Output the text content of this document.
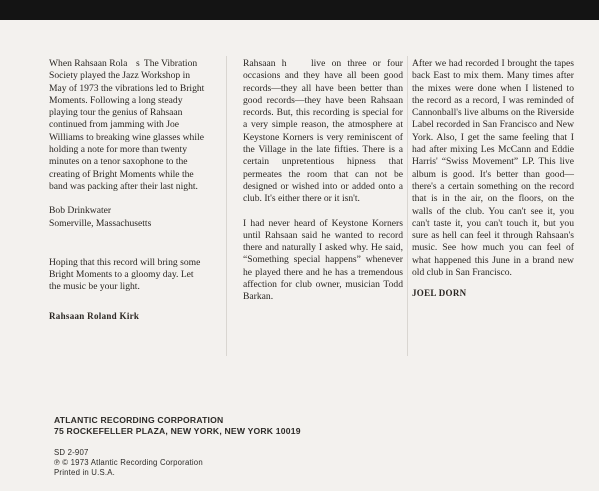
When Rahsaan Rola    s  The Vibration Society played the Jazz Workshop in May of 1973 the vibrations led to Bright Moments. Following a long steady playing tour the genius of Rahsaan continued from jamming with Joe Williams to breaking wine glasses while holding a note for more than twenty minutes on a tenor saxophone to the creating of Bright Moments while the band was packing after their last night.

Bob Drinkwater

Somerville, Massachusetts

Hoping that this record will bring some Bright Moments to a gloomy day. Let the music be your light.

Rahsaan Roland Kirk

Rahsaan h      live on three or four occasions and they have all been good records—they all have been better than good records—they have been Rahsaan records. But, this recording is special for a very simple reason, the atmosphere at Keystone Korners is very reminiscent of the Village in the late fifties. There is a certain unpretentious hipness that permeates the room that can not be designed or wished into or added onto a club. It's either there or it isn't.

I had never heard of Keystone Korners until Rahsaan said he wanted to record there and naturally I asked why. He said, “Something special happens” whenever he played there and he has a tremendous affection for club owner, musician Todd Barkan.

After we had recorded I brought the tapes back East to mix them. Many times after the mixes were done when I listened to the record as a record, I was reminded of Cannonball's live albums on the Riverside Label recorded in San Francisco and New York. Also, I get the same feeling that I had after mixing Les McCann and Eddie Harris' “Swiss Movement” LP. This live album is good. It's better than good—there's a certain something on the record that is in the air, on the floors, on the walls of the club. You can't see it, you can't taste it, you can't touch it, but you sure as hell can feel it through Rahsaan's music. See how much you can feel of what happened this June in a brand new old club in San Francisco.

JOEL DORN

ATLANTIC RECORDING CORPORATION
75 ROCKEFELLER PLAZA, NEW YORK, NEW YORK 10019
SD 2-907
℗ © 1973 Atlantic Recording Corporation
Printed in U.S.A.
